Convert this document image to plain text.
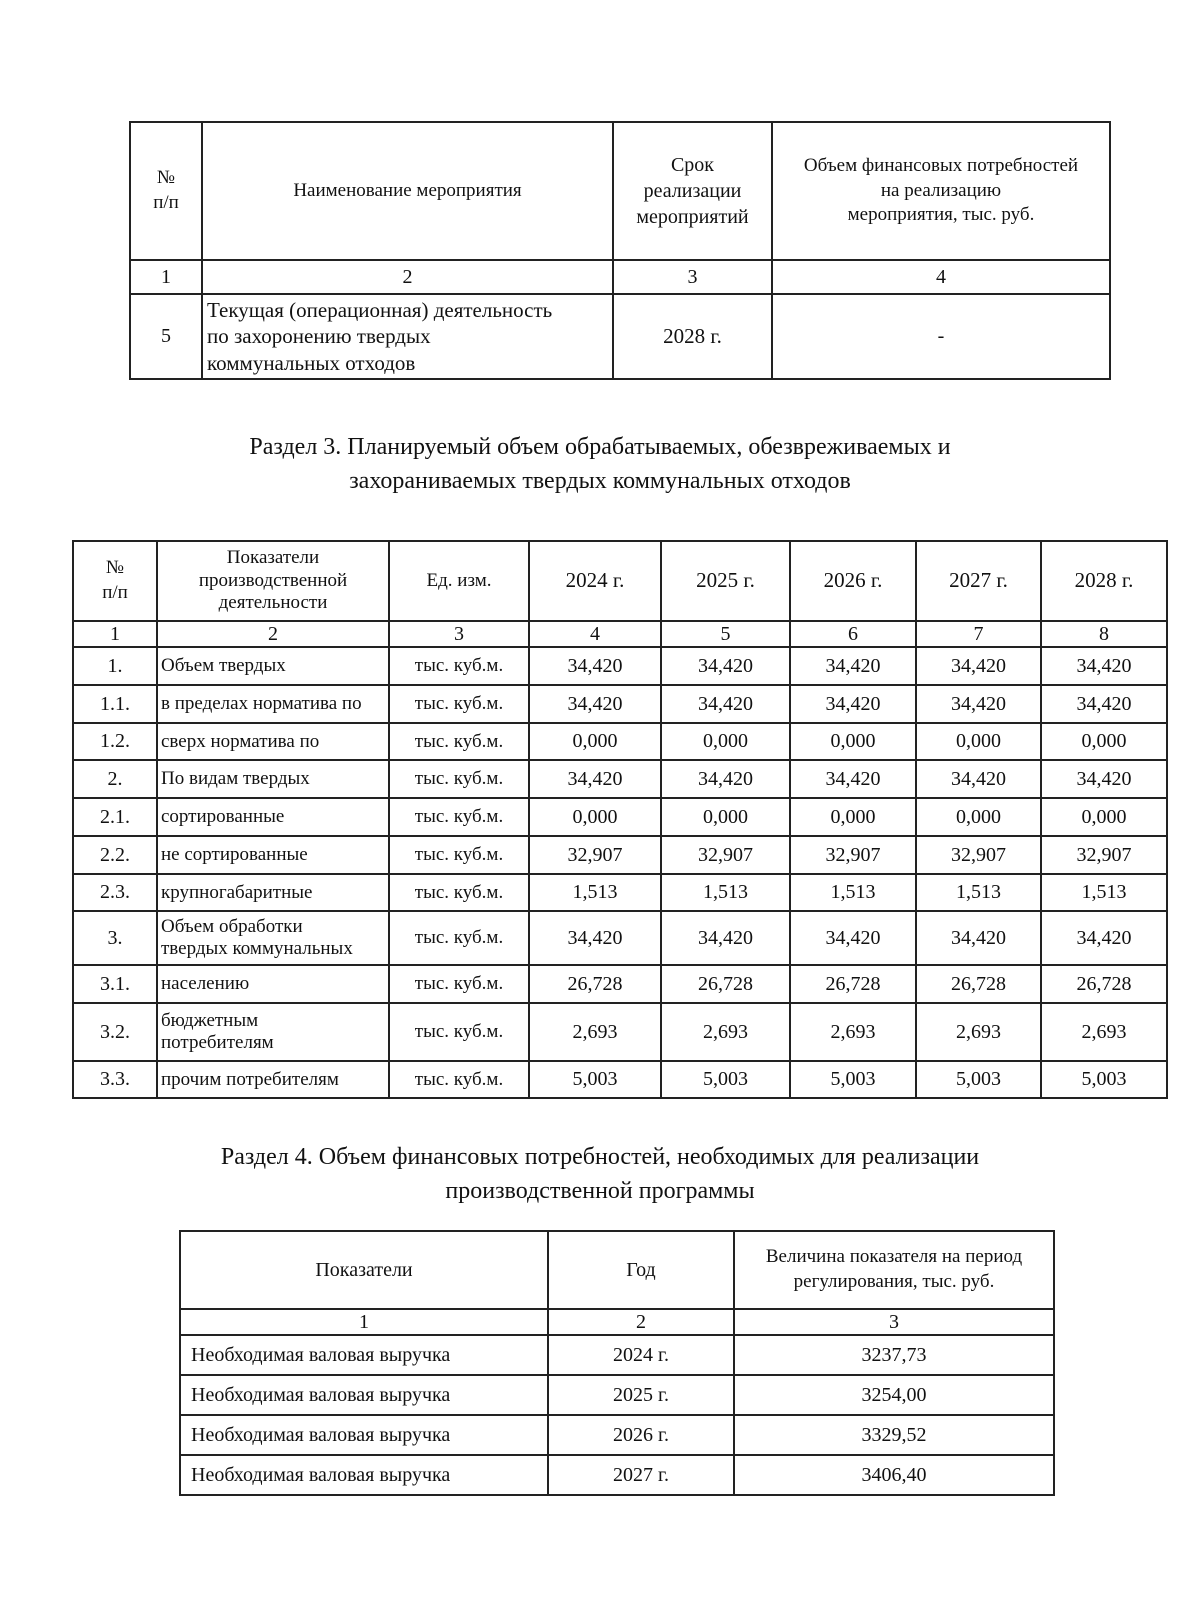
№
п/п	Наименование мероприятия	Срок
реализации
мероприятий	Объем финансовых потребностей
на реализацию
мероприятия, тыс. руб.
1	2	3	4
5	Текущая (операционная) деятельность
по захоронению твердых
коммунальных отходов	2028 г.	-
Раздел 3. Планируемый объем обрабатываемых, обезвреживаемых и
захораниваемых твердых коммунальных отходов
№
п/п	Показатели
производственной
деятельности	Ед. изм.	2024 г.	2025 г.	2026 г.	2027 г.	2028 г.
1	2	3	4	5	6	7	8
1.	Объем твердых	тыс. куб.м.	34,420	34,420	34,420	34,420	34,420
1.1.	в пределах норматива по	тыс. куб.м.	34,420	34,420	34,420	34,420	34,420
1.2.	сверх норматива по	тыс. куб.м.	0,000	0,000	0,000	0,000	0,000
2.	По видам твердых	тыс. куб.м.	34,420	34,420	34,420	34,420	34,420
2.1.	сортированные	тыс. куб.м.	0,000	0,000	0,000	0,000	0,000
2.2.	не сортированные	тыс. куб.м.	32,907	32,907	32,907	32,907	32,907
2.3.	крупногабаритные	тыс. куб.м.	1,513	1,513	1,513	1,513	1,513
3.	Объем обработки
твердых коммунальных	тыс. куб.м.	34,420	34,420	34,420	34,420	34,420
3.1.	населению	тыс. куб.м.	26,728	26,728	26,728	26,728	26,728
3.2.	бюджетным
потребителям	тыс. куб.м.	2,693	2,693	2,693	2,693	2,693
3.3.	прочим потребителям	тыс. куб.м.	5,003	5,003	5,003	5,003	5,003
Раздел 4. Объем финансовых потребностей, необходимых для реализации
производственной программы
Показатели	Год	Величина показателя на период
регулирования, тыс. руб.
1	2	3
Необходимая валовая выручка	2024 г.	3237,73
Необходимая валовая выручка	2025 г.	3254,00
Необходимая валовая выручка	2026 г.	3329,52
Необходимая валовая выручка	2027 г.	3406,40
